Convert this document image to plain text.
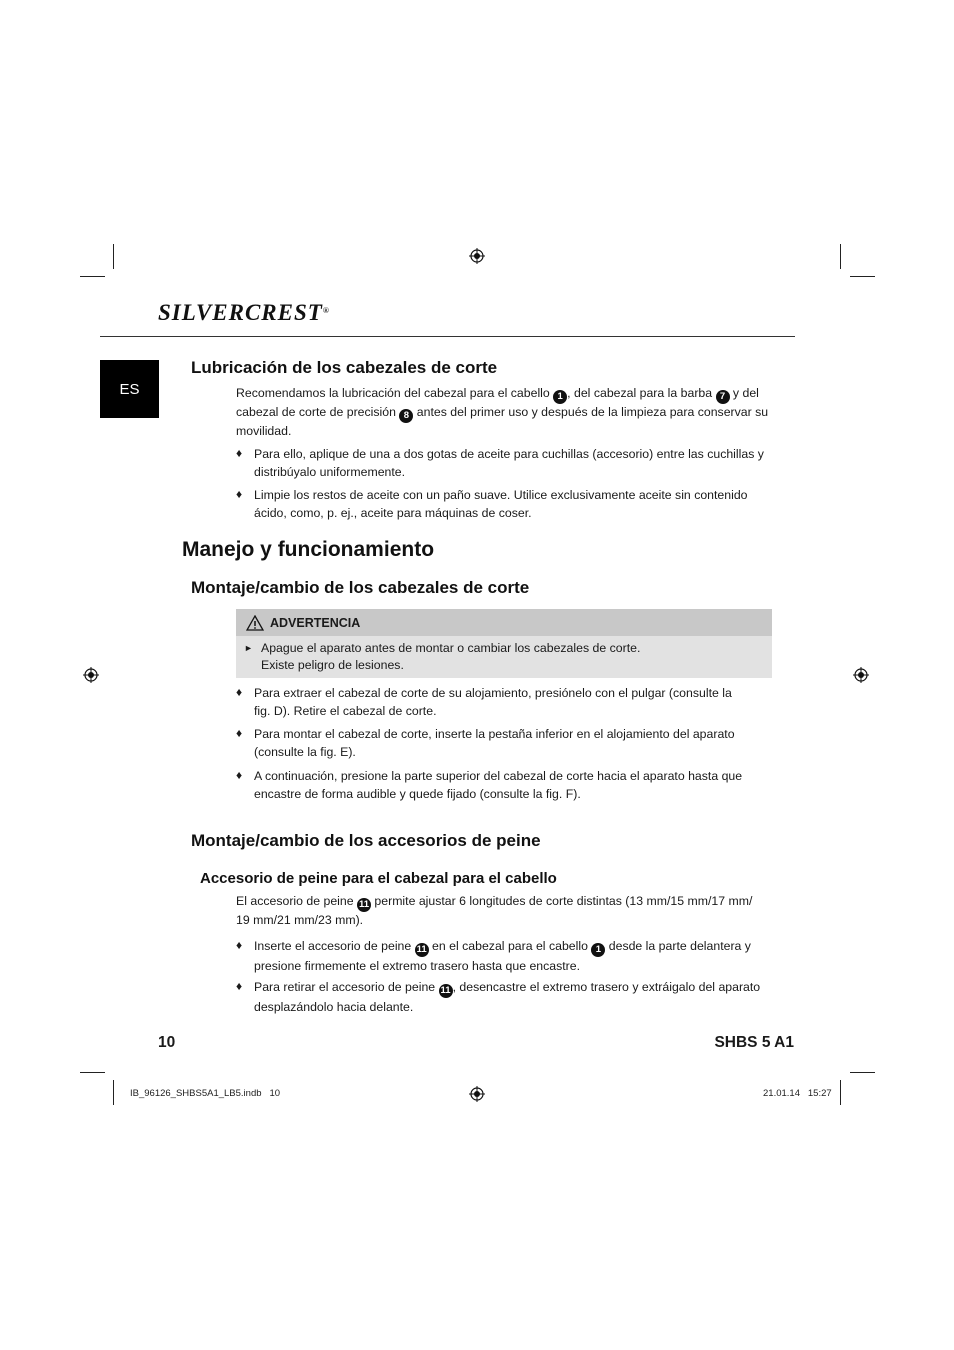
SILVERCREST®
ES
Lubricación de los cabezales de corte
Recomendamos la lubricación del cabezal para el cabello 1 , del cabezal para la barba 7 y del
cabezal de corte de precisión 8 antes del primer uso y después de la limpieza para conservar su
movilidad.
♦ Para ello, aplique de una a dos gotas de aceite para cuchillas (accesorio) entre las cuchillas y
distribúyalo uniformemente.
♦ Limpie los restos de aceite con un paño suave. Utilice exclusivamente aceite sin contenido
ácido, como, p. ej., aceite para máquinas de coser.
Manejo y funcionamiento
Montaje/cambio de los cabezales de corte
ADVERTENCIA
► Apague el aparato antes de montar o cambiar los cabezales de corte.
Existe peligro de lesiones.
♦ Para extraer el cabezal de corte de su alojamiento, presiónelo con el pulgar (consulte la
fig. D). Retire el cabezal de corte.
♦ Para montar el cabezal de corte, inserte la pestaña inferior en el alojamiento del aparato
(consulte la fig. E).
♦ A continuación, presione la parte superior del cabezal de corte hacia el aparato hasta que
encastre de forma audible y quede fijado (consulte la fig. F).
Montaje/cambio de los accesorios de peine
Accesorio de peine para el cabezal para el cabello
El accesorio de peine 11 permite ajustar 6 longitudes de corte distintas (13 mm/15 mm/17 mm/
19 mm/21 mm/23 mm).
♦ Inserte el accesorio de peine 11 en el cabezal para el cabello 1 desde la parte delantera y
presione firmemente el extremo trasero hasta que encastre.
♦ Para retirar el accesorio de peine 11 , desencastre el extremo trasero y extráigalo del aparato
desplazándolo hacia delante.
10	SHBS 5 A1
IB_96126_SHBS5A1_LB5.indb   10	21.01.14   15:27
